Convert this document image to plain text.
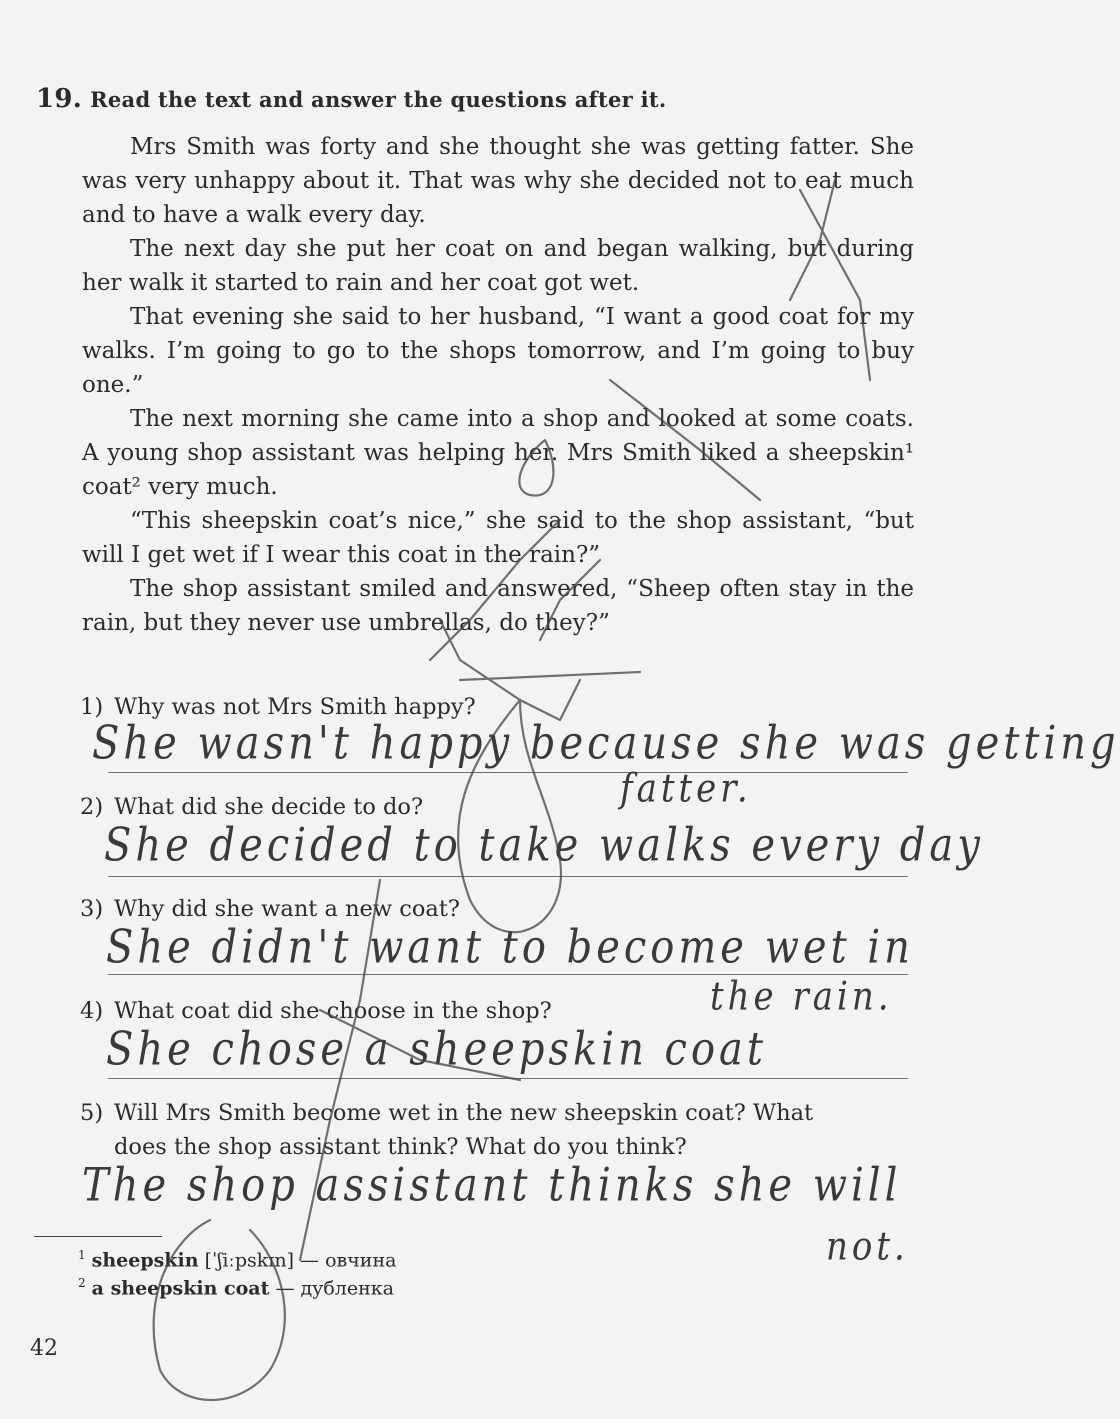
19. Read the text and answer the questions after it.

Mrs Smith was forty and she thought she was getting fatter. She was very unhappy about it. That was why she decided not to eat much and to have a walk every day.

The next day she put her coat on and began walking, but during her walk it started to rain and her coat got wet.

That evening she said to her husband, “I want a good coat for my walks. I’m going to go to the shops tomorrow, and I’m going to buy one.”

The next morning she came into a shop and looked at some coats. A young shop assistant was helping her. Mrs Smith liked a sheepskin¹ coat² very much.

“This sheepskin coat’s nice,” she said to the shop assistant, “but will I get wet if I wear this coat in the rain?”

The shop assistant smiled and answered, “Sheep often stay in the rain, but they never use umbrellas, do they?”

1) Why was not Mrs Smith happy?
She wasn't happy because she was getting
fatter.
2) What did she decide to do?
She decided to take walks every day
3) Why did she want a new coat?
She didn't want to become wet in
the rain.
4) What coat did she choose in the shop?
She chose a sheepskin coat
5) Will Mrs Smith become wet in the new sheepskin coat? What
does the shop assistant think? What do you think?
The shop assistant thinks she will
not.
$^1$ sheepskin [ˈʃiːpskɪn] — овчина
$^2$ a sheepskin coat — дубленка
42
